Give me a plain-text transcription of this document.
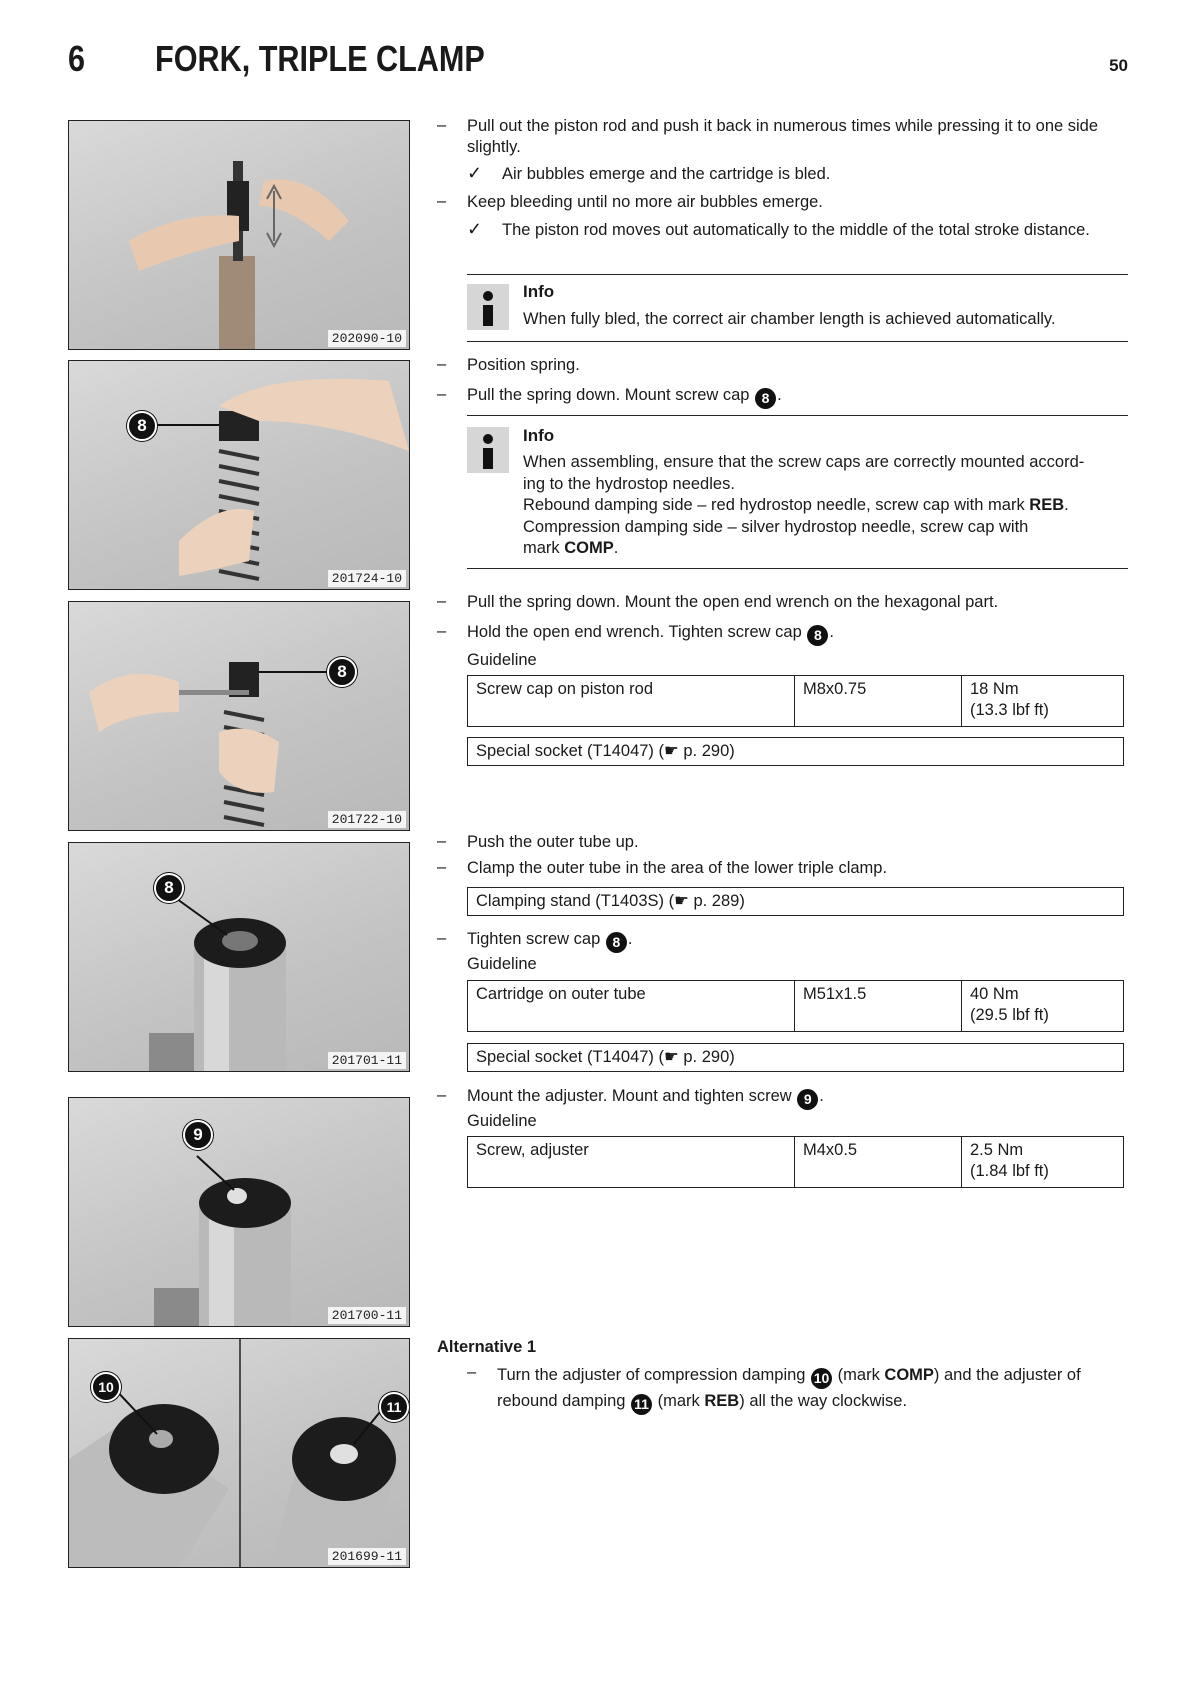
6 FORK, TRIPLE CLAMP	50
202090-10
8
201724-10
8
201722-10
8
201701-11
9
201700-11
10
11
201699-11
–	Pull out the piston rod and push it back in numerous times while pressing it to one side slightly.
✓ Air bubbles emerge and the cartridge is bled.
–	Keep bleeding until no more air bubbles emerge.
✓ The piston rod moves out automatically to the middle of the total stroke distance.
Info
When fully bled, the correct air chamber length is achieved automatically.
–	Position spring.
–	Pull the spring down. Mount screw cap 8 .
Info
When assembling, ensure that the screw caps are correctly mounted accord-
ing to the hydrostop needles.
Rebound damping side – red hydrostop needle, screw cap with mark REB.
Compression damping side – silver hydrostop needle, screw cap with
mark COMP.
–	Pull the spring down. Mount the open end wrench on the hexagonal part.
–	Hold the open end wrench. Tighten screw cap 8 .
Guideline
Screw cap on piston rod	M8x0.75	18 Nm
(13.3 lbf ft)
Special socket (T14047) (☛ p. 290)
–	Push the outer tube up.
–	Clamp the outer tube in the area of the lower triple clamp.
Clamping stand (T1403S) (☛ p. 289)
–	Tighten screw cap 8 .
Guideline
Cartridge on outer tube	M51x1.5	40 Nm
(29.5 lbf ft)
Special socket (T14047) (☛ p. 290)
–	Mount the adjuster. Mount and tighten screw 9 .
Guideline
Screw, adjuster	M4x0.5	2.5 Nm
(1.84 lbf ft)
Alternative 1
–	Turn the adjuster of compression damping 10 (mark COMP) and the adjuster of
rebound damping 11 (mark REB) all the way clockwise.
